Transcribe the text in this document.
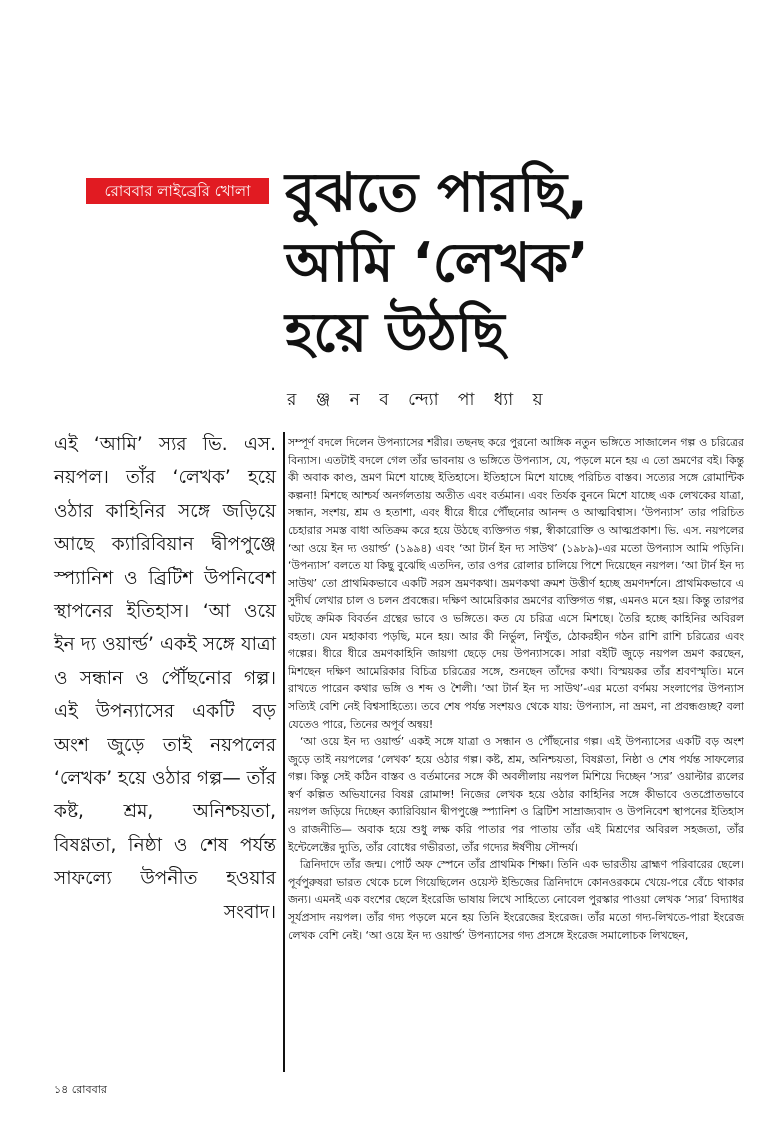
রোববার লাইব্রেরি খোলা বুঝতে পারছি,
আমি ‘লেখক’
হয়ে উঠছি
র ঞ্জ ন ব ন্দ্যো পা ধ্যা য়
এই ‘আমি’ স্যর ভি. এস. নয়পল। তাঁর ‘লেখক’ হয়ে ওঠার কাহিনির সঙ্গে জড়িয়ে আছে ক্যারিবিয়ান দ্বীপপুঞ্জে স্প্যানিশ ও ব্রিটিশ উপনিবেশ স্থাপনের ইতিহাস। ‘আ ওয়ে ইন দ্য ওয়ার্ল্ড’ একই সঙ্গে যাত্রা ও সন্ধান ও পৌঁছনোর গল্প। এই উপন্যাসের একটি বড় অংশ জুড়ে তাই নয়পলের ‘লেখক’ হয়ে ওঠার গল্প— তাঁর কষ্ট, শ্রম, অনিশ্চয়তা, বিষণ্ণতা, নিষ্ঠা ও শেষ পর্যন্ত সাফল্যে উপনীত হওয়ার সংবাদ।

সম্পূর্ণ বদলে দিলেন উপন্যাসের শরীর। তছনছ করে পুরনো আঙ্গিক নতুন ভঙ্গিতে সাজালেন গল্প ও চরিত্রের বিন্যাস। এতটাই বদলে গেল তাঁর ভাবনায় ও ভঙ্গিতে উপন্যাস, যে, পড়লে মনে হয় এ তো ভ্রমণের বই। কিন্তু কী অবাক কাণ্ড, ভ্রমণ মিশে যাচ্ছে ইতিহাসে। ইতিহাসে মিশে যাচ্ছে পরিচিত বাস্তব। সত্যের সঙ্গে রোমান্টিক কল্পনা! মিশছে আশ্চর্য অনর্গলতায় অতীত এবং বর্তমান। এবং তির্যক বুননে মিশে যাচ্ছে এক লেখকের যাত্রা, সন্ধান, সংশয়, শ্রম ও হতাশা, এবং ধীরে ধীরে পৌঁছনোর আনন্দ ও আত্মবিশ্বাস। ‘উপন্যাস’ তার পরিচিত চেহারার সমস্ত বাধা অতিক্রম করে হয়ে উঠছে ব্যক্তিগত গল্প, স্বীকারোক্তি ও আত্মপ্রকাশ। ভি. এস. নয়পলের ‘আ ওয়ে ইন দ্য ওয়ার্ল্ড’ (১৯৯৪) এবং ‘আ টার্ন ইন দ্য সাউথ’ (১৯৮৯)-এর মতো উপন্যাস আমি পড়িনি। ‘উপন্যাস’ বলতে যা কিছু বুঝেছি এতদিন, তার ওপর রোলার চালিয়ে পিশে দিয়েছেন নয়পল। ‘আ টার্ন ইন দ্য সাউথ’ তো প্রাথমিকভাবে একটি সরস ভ্রমণকথা। ভ্রমণকথা ক্রমশ উত্তীর্ণ হচ্ছে ভ্রমণদর্শনে। প্রাথমিকভাবে এ সুদীর্ঘ লেখার চাল ও চলন প্রবন্ধের। দক্ষিণ আমেরিকার ভ্রমণের ব্যক্তিগত গল্প, এমনও মনে হয়। কিন্তু তারপর ঘটছে ক্রমিক বিবর্তন গ্রন্থের ভাবে ও ভঙ্গিতে। কত যে চরিত্র এসে মিশছে। তৈরি হচ্ছে কাহিনির অবিরল বহতা। যেন মহাকাব্য পড়ছি, মনে হয়। আর কী নির্ভুল, নিখুঁত, ঠোকরহীন গঠন রাশি রাশি চরিত্রের এবং গল্পের। ধীরে ধীরে ভ্রমণকাহিনি জায়গা ছেড়ে দেয় উপন্যাসকে। সারা বইটি জুড়ে নয়পল ভ্রমণ করছেন, মিশছেন দক্ষিণ আমেরিকার বিচিত্র চরিত্রের সঙ্গে, শুনছেন তাঁদের কথা। বিস্ময়কর তাঁর শ্রবণস্মৃতি। মনে রাখতে পারেন কথার ভঙ্গি ও শব্দ ও শৈলী। ‘আ টার্ন ইন দ্য সাউথ’-এর মতো বর্ণময় সংলাপের উপন্যাস সত্যিই বেশি নেই বিশ্বসাহিত্যে। তবে শেষ পর্যন্ত সংশয়ও থেকে যায়: উপন্যাস, না ভ্রমণ, না প্রবন্ধগুচ্ছ? বলা যেতেও পারে, তিনের অপূর্ব অন্বয়!

‘আ ওয়ে ইন দ্য ওয়ার্ল্ড’ একই সঙ্গে যাত্রা ও সন্ধান ও পৌঁছনোর গল্প। এই উপন্যাসের একটি বড় অংশ জুড়ে তাই নয়পলের ‘লেখক’ হয়ে ওঠার গল্প। কষ্ট, শ্রম, অনিশ্চয়তা, বিষণ্ণতা, নিষ্ঠা ও শেষ পর্যন্ত সাফল্যের গল্প। কিন্তু সেই কঠিন বাস্তব ও বর্তমানের সঙ্গে কী অবলীলায় নয়পল মিশিয়ে দিচ্ছেন ‘স্যর’ ওয়াল্টার র‍্যলের স্বর্ণ কল্পিত অভিযানের বিষণ্ণ রোমান্স! নিজের লেখক হয়ে ওঠার কাহিনির সঙ্গে কীভাবে ওতপ্রোতভাবে নয়পল জড়িয়ে দিচ্ছেন ক্যারিবিয়ান দ্বীপপুঞ্জে স্প্যানিশ ও ব্রিটিশ সাম্রাজ্যবাদ ও উপনিবেশ স্থাপনের ইতিহাস ও রাজনীতি— অবাক হয়ে শুধু লক্ষ করি পাতার পর পাতায় তাঁর এই মিশ্রণের অবিরল সহজতা, তাঁর ইন্টেলেক্টের দ্যুতি, তাঁর বোধের গভীরতা, তাঁর গদ্যের ঈর্ষণীয় সৌন্দর্য।

ত্রিনিদাদে তাঁর জন্ম। পোর্ট অফ স্পেনে তাঁর প্রাথমিক শিক্ষা। তিনি এক ভারতীয় ব্রাহ্মণ পরিবারের ছেলে। পূর্বপুরুষরা ভারত থেকে চলে গিয়েছিলেন ওয়েস্ট ইন্ডিজের ত্রিনিদাদে কোনওরকমে খেয়ে-পরে বেঁচে থাকার জন্য। এমনই এক বংশের ছেলে ইংরেজি ভাষায় লিখে সাহিত্যে নোবেল পুরস্কার পাওয়া লেখক ‘স্যর’ বিদ্যাধর সূর্যপ্রসাদ নয়পল। তাঁর গদ্য পড়লে মনে হয় তিনি ইংরেজের ইংরেজ। তাঁর মতো গদ্য-লিখতে-পারা ইংরেজ লেখক বেশি নেই। ‘আ ওয়ে ইন দ্য ওয়ার্ল্ড’ উপন্যাসের গদ্য প্রসঙ্গে ইংরেজ সমালোচক লিখছেন,

১৪ রোববার
